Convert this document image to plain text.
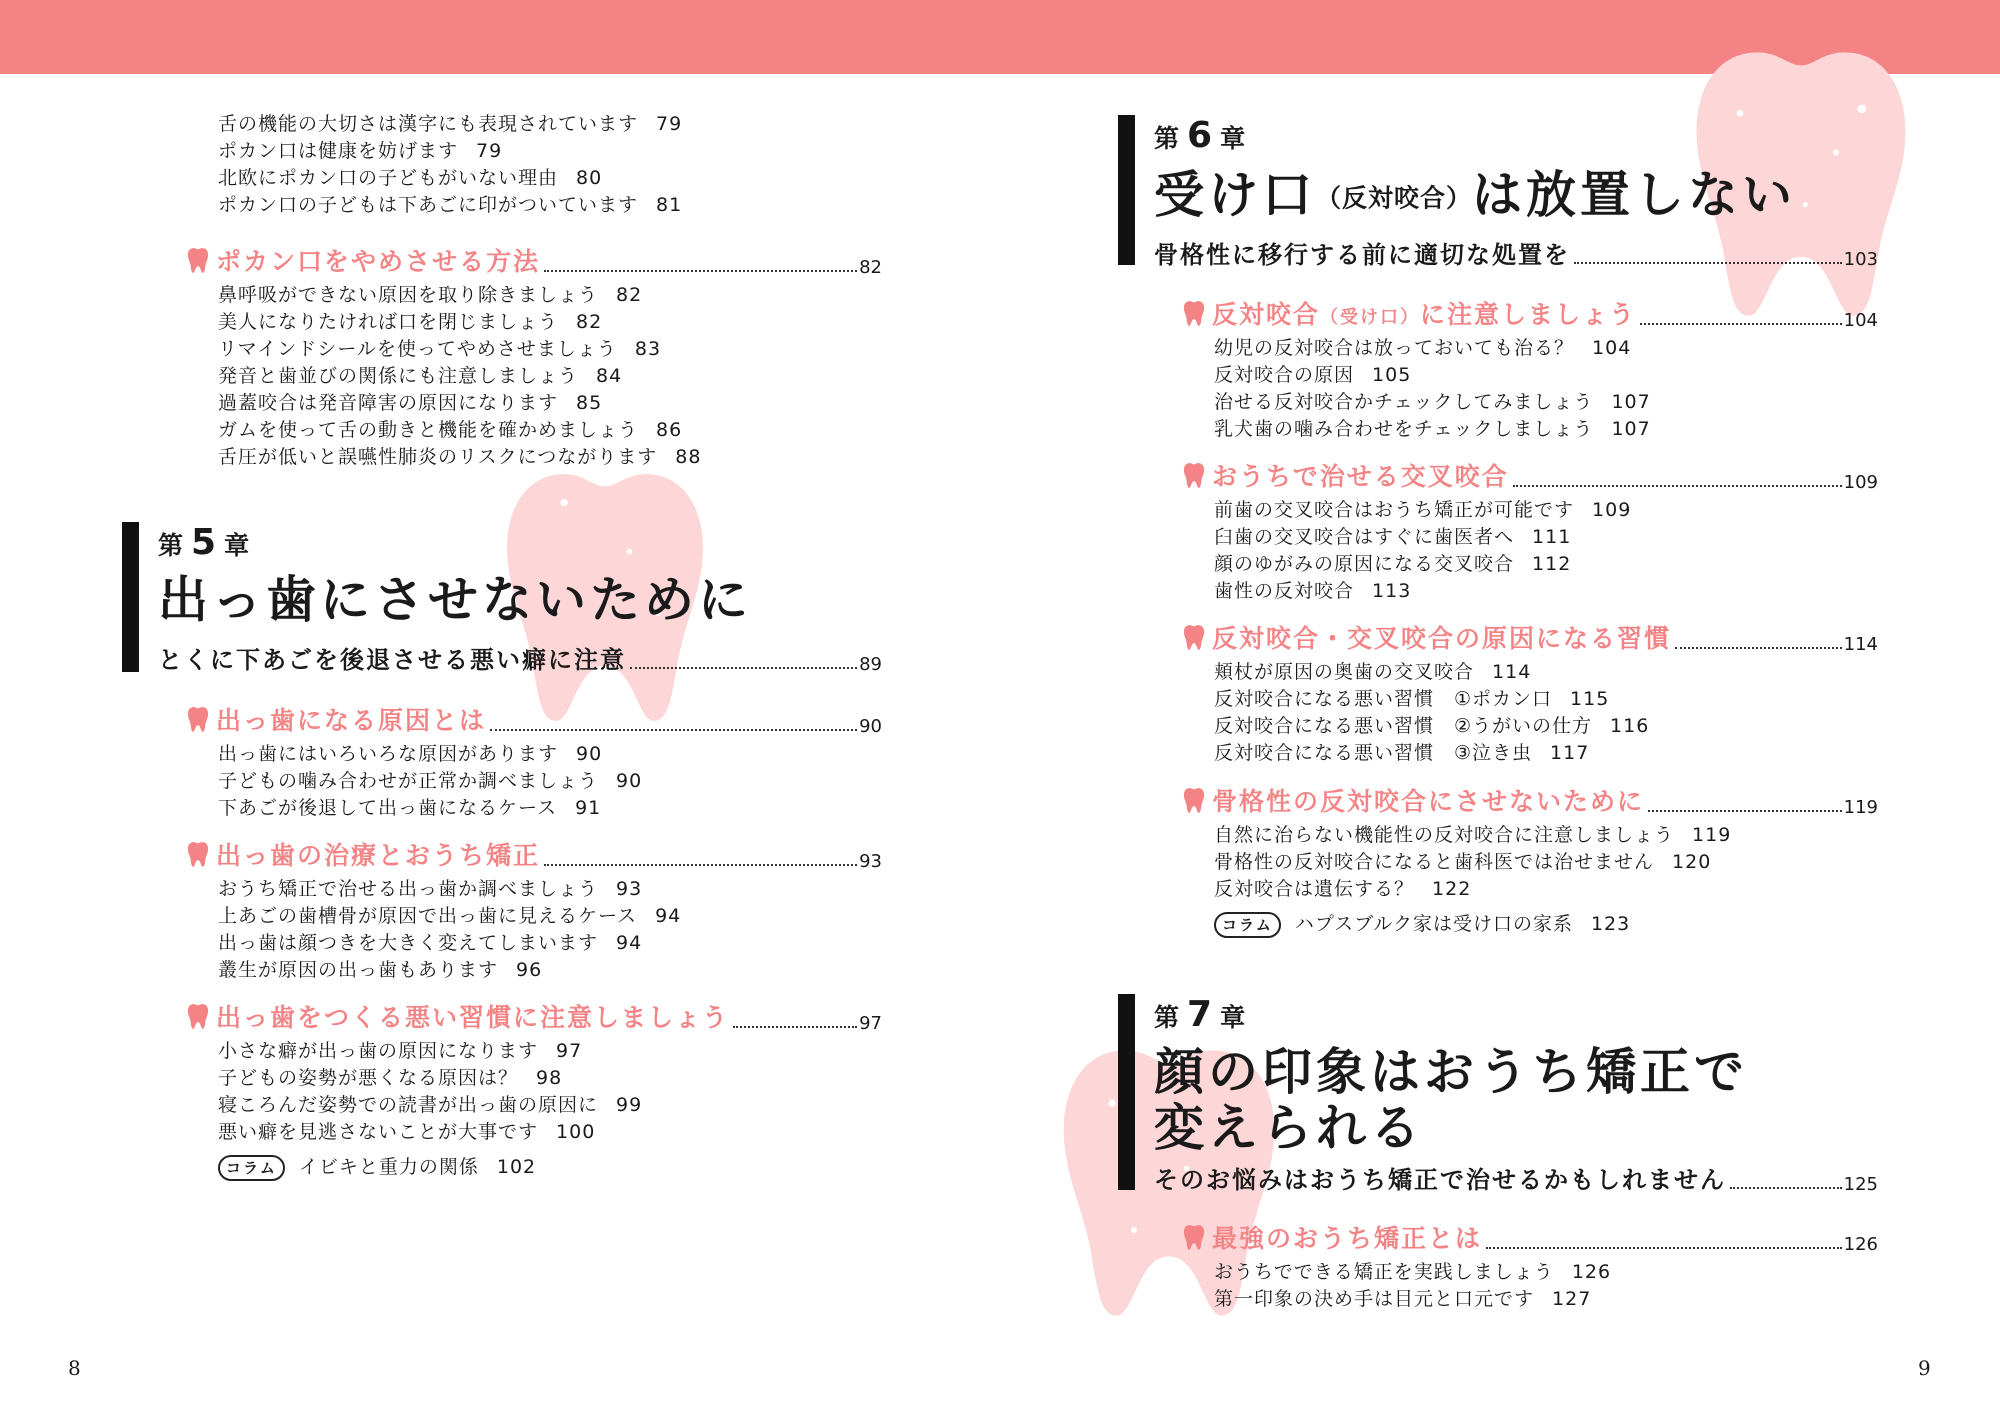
舌の機能の大切さは漢字にも表現されています 79

ポカン口は健康を妨げます 79

北欧にポカン口の子どもがいない理由 80

ポカン口の子どもは下あごに印がついています 81

ポカン口をやめさせる方法	82

鼻呼吸ができない原因を取り除きましょう 82

美人になりたければ口を閉じましょう 82

リマインドシールを使ってやめさせましょう 83

発音と歯並びの関係にも注意しましょう 84

過蓋咬合は発音障害の原因になります 85

ガムを使って舌の動きと機能を確かめましょう 86

舌圧が低いと誤嚥性肺炎のリスクにつながります 88

第 5 章
出っ歯にさせないために
とくに下あごを後退させる悪い癖に注意	89
出っ歯になる原因とは	90

出っ歯にはいろいろな原因があります 90

子どもの噛み合わせが正常か調べましょう 90

下あごが後退して出っ歯になるケース 91

出っ歯の治療とおうち矯正	93

おうち矯正で治せる出っ歯か調べましょう 93

上あごの歯槽骨が原因で出っ歯に見えるケース 94

出っ歯は顔つきを大きく変えてしまいます 94

叢生が原因の出っ歯もあります 96

出っ歯をつくる悪い習慣に注意しましょう	97

小さな癖が出っ歯の原因になります 97

子どもの姿勢が悪くなる原因は？ 98

寝ころんだ姿勢での読書が出っ歯の原因に 99

悪い癖を見逃さないことが大事です 100

コラム	イビキと重力の関係 102
8
第 6 章
受け口（反対咬合）は放置しない
骨格性に移行する前に適切な処置を	103
反対咬合（受け口）に注意しましょう	104

幼児の反対咬合は放っておいても治る？ 104

反対咬合の原因 105

治せる反対咬合かチェックしてみましょう 107

乳犬歯の噛み合わせをチェックしましょう 107

おうちで治せる交叉咬合	109

前歯の交叉咬合はおうち矯正が可能です 109

臼歯の交叉咬合はすぐに歯医者へ 111

顔のゆがみの原因になる交叉咬合 112

歯性の反対咬合 113

反対咬合・交叉咬合の原因になる習慣	114

頬杖が原因の奥歯の交叉咬合 114

反対咬合になる悪い習慣　①ポカン口 115

反対咬合になる悪い習慣　②うがいの仕方 116

反対咬合になる悪い習慣　③泣き虫 117

骨格性の反対咬合にさせないために	119

自然に治らない機能性の反対咬合に注意しましょう 119

骨格性の反対咬合になると歯科医では治せません 120

反対咬合は遺伝する？ 122

コラム	ハプスブルク家は受け口の家系 123
第 7 章
顔の印象はおうち矯正で
変えられる
そのお悩みはおうち矯正で治せるかもしれません	125
最強のおうち矯正とは	126

おうちでできる矯正を実践しましょう 126

第一印象の決め手は目元と口元です 127

9
